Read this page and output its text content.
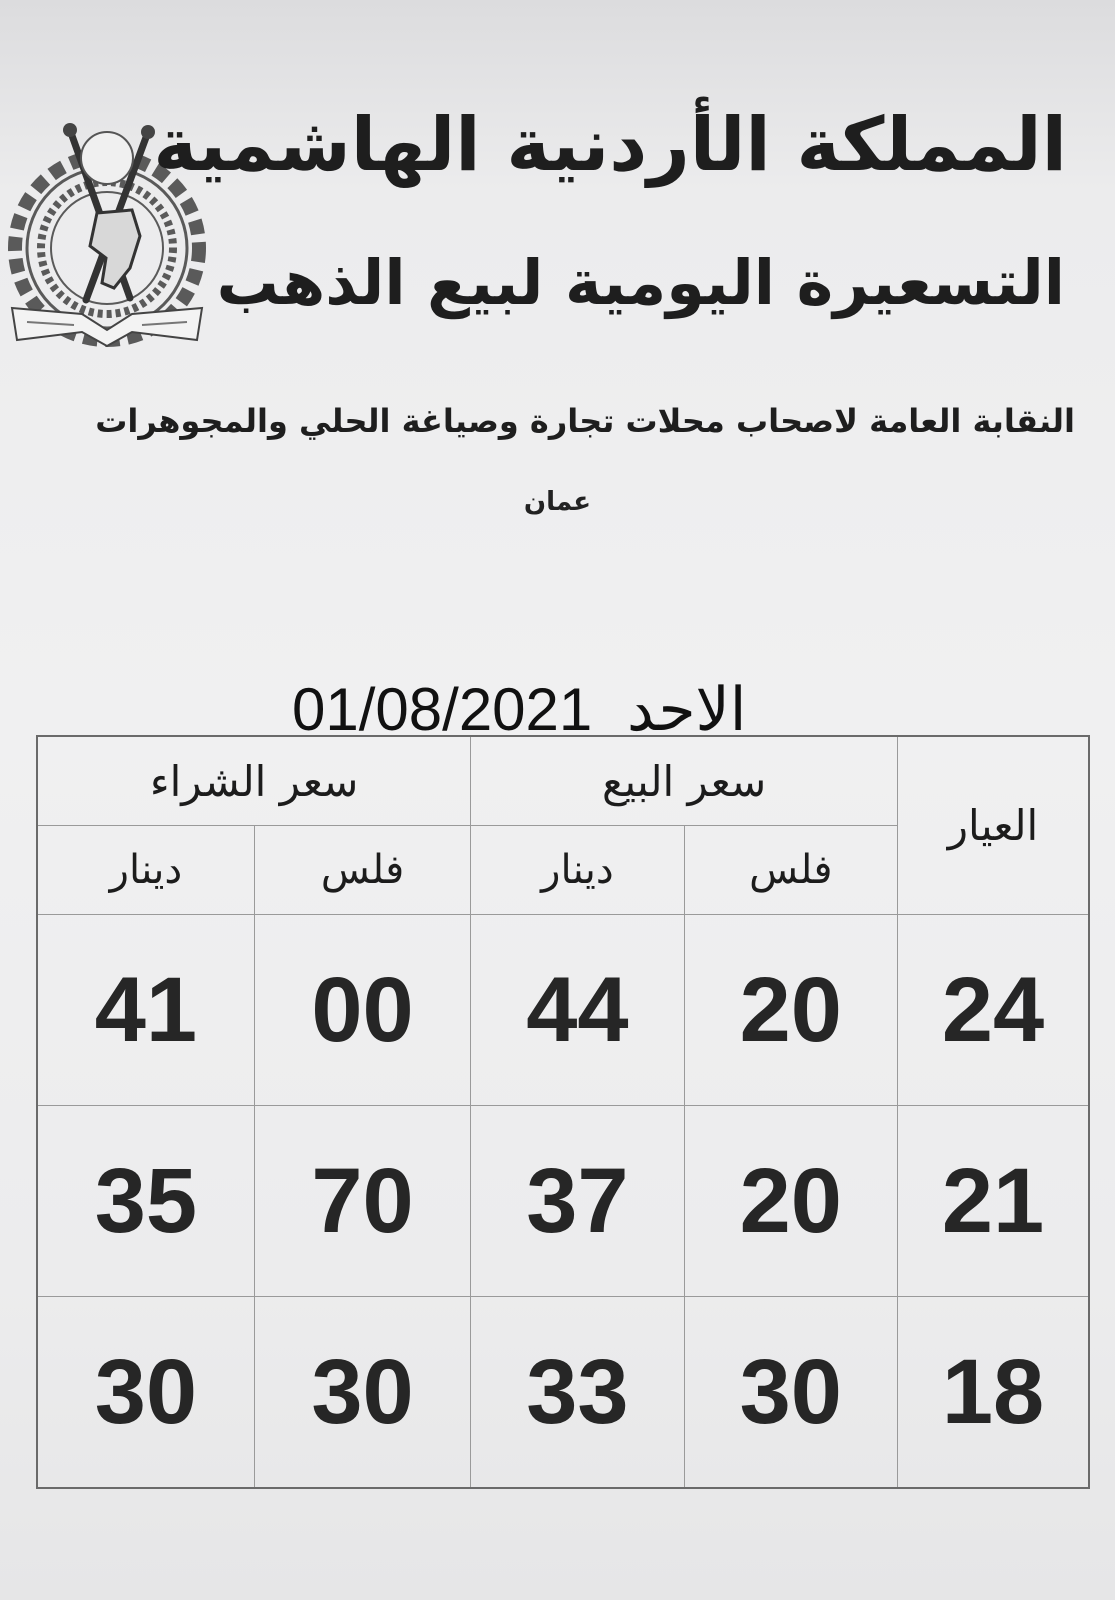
المملكة الأردنية الهاشمية
التسعيرة اليومية لبيع الذهب
النقابة العامة لاصحاب محلات تجارة وصياغة الحلي والمجوهرات
عمان
01/08/2021 الاحد
العيار	سعر البيع		سعر الشراء	
	فلس	دينار	فلس	دينار
24	20	44	00	41
21	20	37	70	35
18	30	33	30	30
